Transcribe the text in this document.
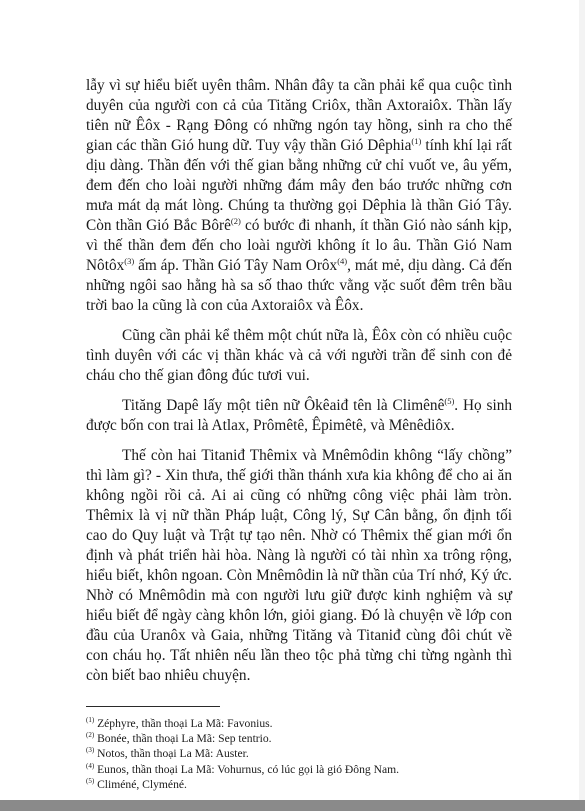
lẫy vì sự hiểu biết uyên thâm. Nhân đây ta cần phải kể qua cuộc tình duyên của người con cả của Tităng Criôx, thần Axtoraiôx. Thần lấy tiên nữ Êôx - Rạng Đông có những ngón tay hồng, sinh ra cho thế gian các thần Gió hung dữ. Tuy vậy thần Gió Dêphia$^{(1)}$ tính khí lại rất dịu dàng. Thần đến với thế gian bằng những cử chỉ vuốt ve, âu yếm, đem đến cho loài người những đám mây đen báo trước những cơn mưa mát dạ mát lòng. Chúng ta thường gọi Dêphia là thần Gió Tây. Còn thần Gió Bắc Bôrê$^{(2)}$ có bước đi nhanh, ít thần Gió nào sánh kịp, vì thế thần đem đến cho loài người không ít lo âu. Thần Gió Nam Nôtôx$^{(3)}$ ấm áp. Thần Gió Tây Nam Orôx$^{(4)}$, mát mẻ, dịu dàng. Cả đến những ngôi sao hằng hà sa số thao thức vằng vặc suốt đêm trên bầu trời bao la cũng là con của Axtoraiôx và Êôx.

Cũng cần phải kể thêm một chút nữa là, Êôx còn có nhiều cuộc tình duyên với các vị thần khác và cả với người trần để sinh con đẻ cháu cho thế gian đông đúc tươi vui.

Tităng Dapê lấy một tiên nữ Ôkêaiđ tên là Climênê$^{(5)}$. Họ sinh được bốn con trai là Atlax, Prômêtê, Êpimêtê, và Mênêdiôx.

Thế còn hai Titaniđ Thêmix và Mnêmôdin không “lấy chồng” thì làm gì? - Xin thưa, thế giới thần thánh xưa kia không để cho ai ăn không ngồi rồi cả. Ai ai cũng có những công việc phải làm tròn. Thêmix là vị nữ thần Pháp luật, Công lý, Sự Cân bằng, ổn định tối cao do Quy luật và Trật tự tạo nên. Nhờ có Thêmix thế gian mới ổn định và phát triển hài hòa. Nàng là người có tài nhìn xa trông rộng, hiểu biết, khôn ngoan. Còn Mnêmôdin là nữ thần của Trí nhớ, Ký ức. Nhờ có Mnêmôdin mà con người lưu giữ được kinh nghiệm và sự hiểu biết để ngày càng khôn lớn, giỏi giang. Đó là chuyện về lớp con đầu của Uranôx và Gaia, những Tităng và Titaniđ cùng đôi chút về con cháu họ. Tất nhiên nếu lần theo tộc phả từng chi từng ngành thì còn biết bao nhiêu chuyện.

$^{(1)}$ Zéphyre, thần thoại La Mã: Favonius.
$^{(2)}$ Bonée, thần thoại La Mã: Sep tentrio.
$^{(3)}$ Notos, thần thoại La Mã: Auster.
$^{(4)}$ Eunos, thần thoại La Mã: Vohurnus, có lúc gọi là gió Đông Nam.
$^{(5)}$ Climéné, Clyméné.
